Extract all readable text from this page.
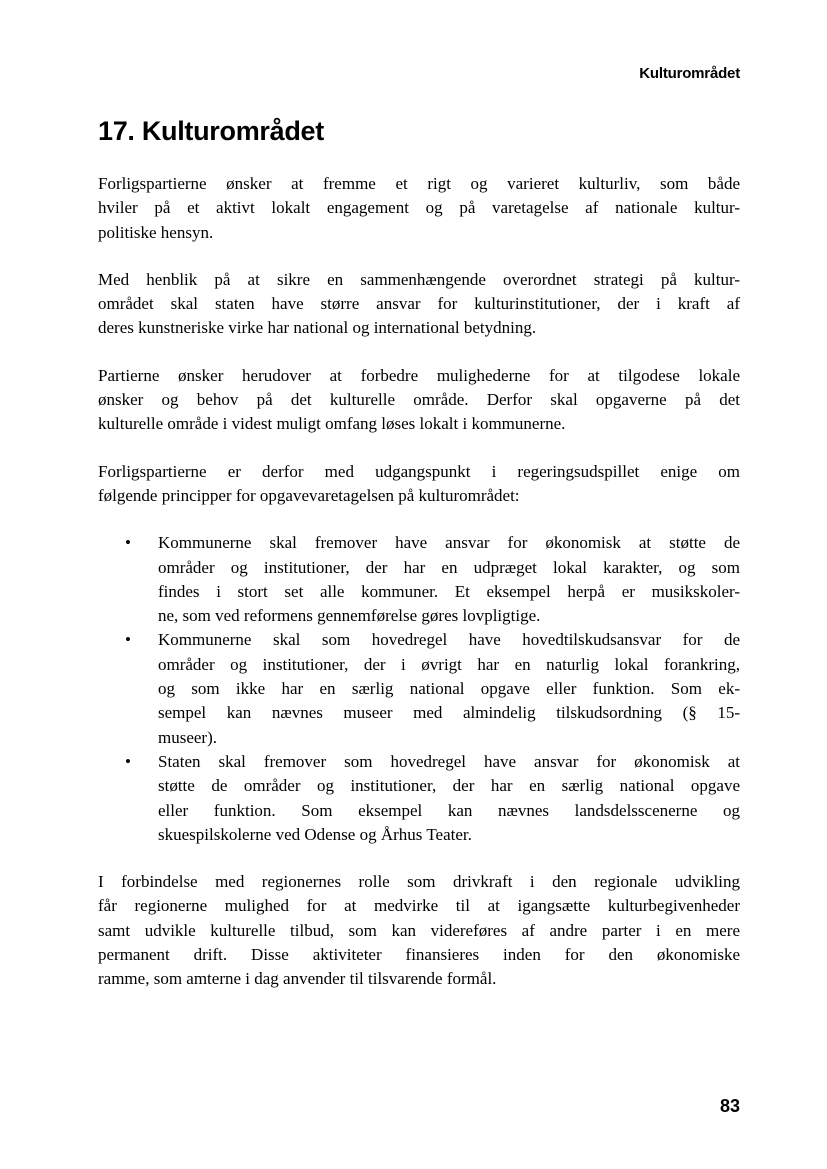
Kulturområdet
17. Kulturområdet
Forligspartierne ønsker at fremme et rigt og varieret kulturliv, som både
hviler på et aktivt lokalt engagement og på varetagelse af nationale kultur-
politiske hensyn.
Med henblik på at sikre en sammenhængende overordnet strategi på kultur-
området skal staten have større ansvar for kulturinstitutioner, der i kraft af
deres kunstneriske virke har national og international betydning.
Partierne ønsker herudover at forbedre mulighederne for at tilgodese lokale
ønsker og behov på det kulturelle område. Derfor skal opgaverne på det
kulturelle område i videst muligt omfang løses lokalt i kommunerne.
Forligspartierne er derfor med udgangspunkt i regeringsudspillet enige om
følgende principper for opgavevaretagelsen på kulturområdet:
• Kommunerne skal fremover have ansvar for økonomisk at støtte de
områder og institutioner, der har en udpræget lokal karakter, og som
findes i stort set alle kommuner. Et eksempel herpå er musikskoler-
ne, som ved reformens gennemførelse gøres lovpligtige.
• Kommunerne skal som hovedregel have hovedtilskudsansvar for de
områder og institutioner, der i øvrigt har en naturlig lokal forankring,
og som ikke har en særlig national opgave eller funktion. Som ek-
sempel kan nævnes museer med almindelig tilskudsordning (§ 15-
museer).
• Staten skal fremover som hovedregel have ansvar for økonomisk at
støtte de områder og institutioner, der har en særlig national opgave
eller funktion. Som eksempel kan nævnes landsdelsscenerne og
skuespilskolerne ved Odense og Århus Teater.
I forbindelse med regionernes rolle som drivkraft i den regionale udvikling
får regionerne mulighed for at medvirke til at igangsætte kulturbegivenheder
samt udvikle kulturelle tilbud, som kan videreføres af andre parter i en mere
permanent drift. Disse aktiviteter finansieres inden for den økonomiske
ramme, som amterne i dag anvender til tilsvarende formål.
83
